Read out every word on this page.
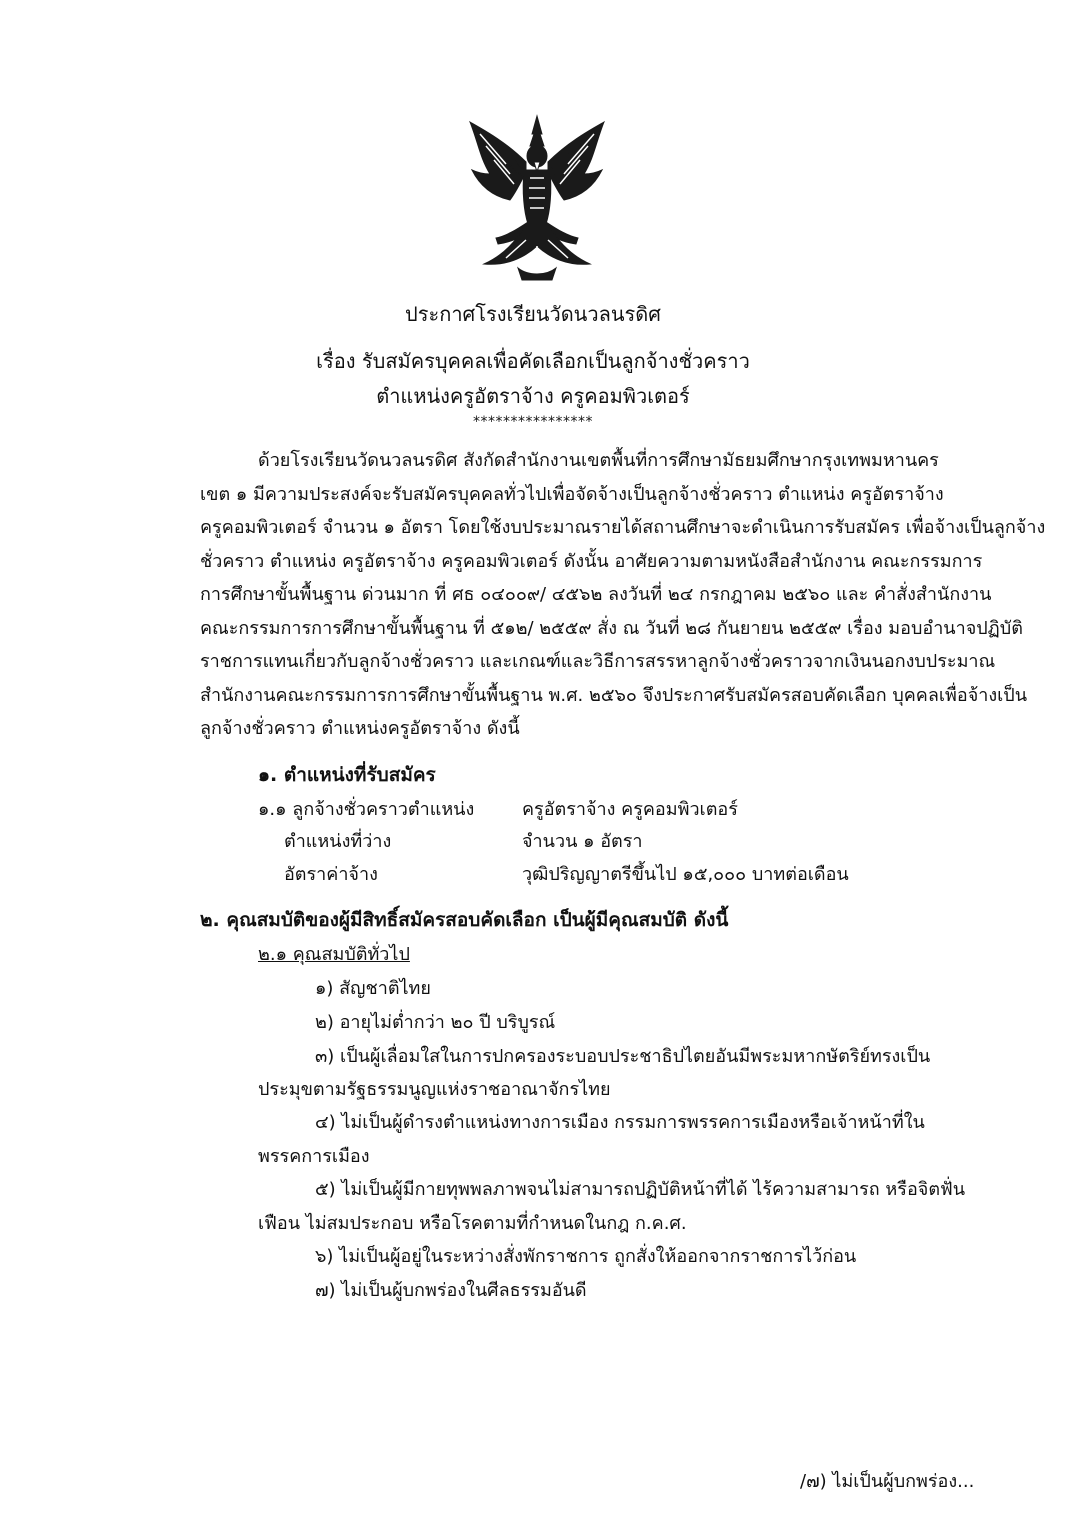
ประกาศโรงเรียนวัดนวลนรดิศ
เรื่อง รับสมัครบุคคลเพื่อคัดเลือกเป็นลูกจ้างชั่วคราว
ตำแหน่งครูอัตราจ้าง ครูคอมพิวเตอร์
****************
ด้วยโรงเรียนวัดนวลนรดิศ สังกัดสำนักงานเขตพื้นที่การศึกษามัธยมศึกษากรุงเทพมหานคร
เขต ๑ มีความประสงค์จะรับสมัครบุคคลทั่วไปเพื่อจัดจ้างเป็นลูกจ้างชั่วคราว ตำแหน่ง ครูอัตราจ้าง
ครูคอมพิวเตอร์ จำนวน ๑ อัตรา โดยใช้งบประมาณรายได้สถานศึกษาจะดำเนินการรับสมัคร เพื่อจ้างเป็นลูกจ้าง
ชั่วคราว ตำแหน่ง ครูอัตราจ้าง ครูคอมพิวเตอร์ ดังนั้น อาศัยความตามหนังสือสำนักงาน คณะกรรมการ
การศึกษาขั้นพื้นฐาน ด่วนมาก ที่ ศธ ๐๔๐๐๙/ ๔๕๖๒ ลงวันที่ ๒๔ กรกฎาคม ๒๕๖๐ และ คำสั่งสำนักงาน
คณะกรรมการการศึกษาขั้นพื้นฐาน ที่ ๕๑๒/ ๒๕๕๙ สั่ง ณ วันที่ ๒๘ กันยายน ๒๕๕๙ เรื่อง มอบอำนาจปฏิบัติ
ราชการแทนเกี่ยวกับลูกจ้างชั่วคราว และเกณฑ์และวิธีการสรรหาลูกจ้างชั่วคราวจากเงินนอกงบประมาณ
สำนักงานคณะกรรมการการศึกษาขั้นพื้นฐาน พ.ศ. ๒๕๖๐ จึงประกาศรับสมัครสอบคัดเลือก บุคคลเพื่อจ้างเป็น
ลูกจ้างชั่วคราว ตำแหน่งครูอัตราจ้าง ดังนี้
๑. ตำแหน่งที่รับสมัคร
๑.๑ ลูกจ้างชั่วคราวตำแหน่ง	ครูอัตราจ้าง ครูคอมพิวเตอร์
ตำแหน่งที่ว่าง	จำนวน ๑ อัตรา
อัตราค่าจ้าง	วุฒิปริญญาตรีขึ้นไป ๑๕,๐๐๐ บาทต่อเดือน
๒. คุณสมบัติของผู้มีสิทธิ์สมัครสอบคัดเลือก เป็นผู้มีคุณสมบัติ ดังนี้
๒.๑ คุณสมบัติทั่วไป
๑) สัญชาติไทย
๒) อายุไม่ต่ำกว่า ๒๐ ปี บริบูรณ์
๓) เป็นผู้เลื่อมใสในการปกครองระบอบประชาธิปไตยอันมีพระมหากษัตริย์ทรงเป็น
ประมุขตามรัฐธรรมนูญแห่งราชอาณาจักรไทย
๔) ไม่เป็นผู้ดำรงตำแหน่งทางการเมือง กรรมการพรรคการเมืองหรือเจ้าหน้าที่ใน
พรรคการเมือง
๕) ไม่เป็นผู้มีกายทุพพลภาพจนไม่สามารถปฏิบัติหน้าที่ได้ ไร้ความสามารถ หรือจิตฟั่น
เฟือน ไม่สมประกอบ หรือโรคตามที่กำหนดในกฎ ก.ค.ศ.
๖) ไม่เป็นผู้อยู่ในระหว่างสั่งพักราชการ ถูกสั่งให้ออกจากราชการไว้ก่อน
๗) ไม่เป็นผู้บกพร่องในศีลธรรมอันดี
/๗) ไม่เป็นผู้บกพร่อง...
